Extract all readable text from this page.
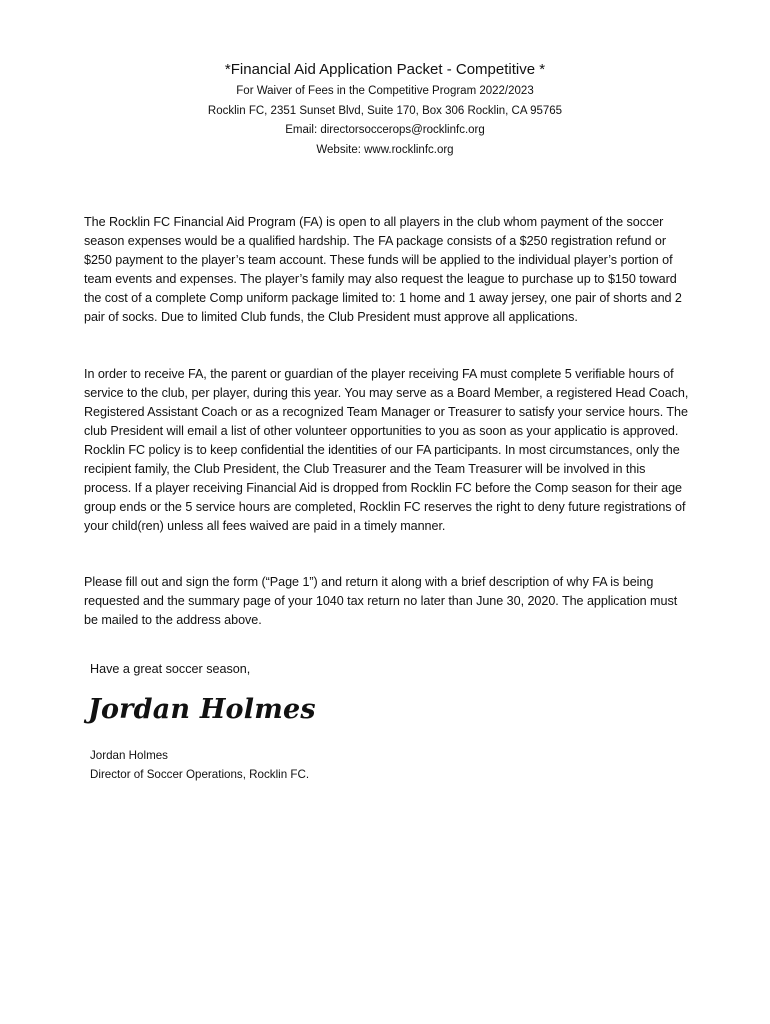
*Financial Aid Application Packet - Competitive *
For Waiver of Fees in the Competitive Program 2022/2023
Rocklin FC, 2351 Sunset Blvd, Suite 170, Box 306 Rocklin, CA 95765
Email: directorsoccerops@rocklinfc.org
Website: www.rocklinfc.org
The Rocklin FC Financial Aid Program (FA) is open to all players in the club whom payment of the soccer season expenses would be a qualified hardship. The FA package consists of a $250 registration refund or $250 payment to the player’s team account. These funds will be applied to the individual player’s portion of team events and expenses. The player’s family may also request the league to purchase up to $150 toward the cost of a complete Comp uniform package limited to: 1 home and 1 away jersey, one pair of shorts and 2 pair of socks. Due to limited Club funds, the Club President must approve all applications.
In order to receive FA, the parent or guardian of the player receiving FA must complete 5 verifiable hours of service to the club, per player, during this year. You may serve as a Board Member, a registered Head Coach, Registered Assistant Coach or as a recognized Team Manager or Treasurer to satisfy your service hours. The club President will email a list of other volunteer opportunities to you as soon as your applicatio is approved. Rocklin FC policy is to keep confidential the identities of our FA participants. In most circumstances, only the recipient family, the Club President, the Club Treasurer and the Team Treasurer will be involved in this process. If a player receiving Financial Aid is dropped from Rocklin FC before the Comp season for their age group ends or the 5 service hours are completed, Rocklin FC reserves the right to deny future registrations of your child(ren) unless all fees waived are paid in a timely manner.
Please fill out and sign the form (“Page 1”) and return it along with a brief description of why FA is being requested and the summary page of your 1040 tax return no later than June 30, 2020. The application must be mailed to the address above.
Have a great soccer season,
Jordan Holmes
Jordan Holmes
Director of Soccer Operations, Rocklin FC.
